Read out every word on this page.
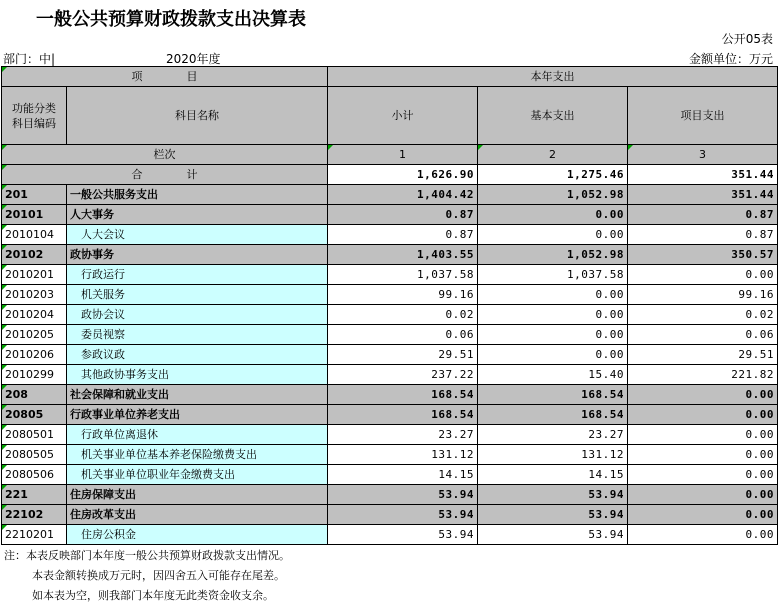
一般公共预算财政拨款支出决算表
公开05表
部门：中|	2020年度	金额单位：万元
项　　　　目		本年支出		
功能分类
科目编码	科目名称	小计	基本支出	项目支出
栏次		1	2	3
合　　　　计		1,626.90	1,275.46	351.44
201	一般公共服务支出	1,404.42	1,052.98	351.44
20101	人大事务	0.87	0.00	0.87
2010104	人大会议	0.87	0.00	0.87
20102	政协事务	1,403.55	1,052.98	350.57
2010201	行政运行	1,037.58	1,037.58	0.00
2010203	机关服务	99.16	0.00	99.16
2010204	政协会议	0.02	0.00	0.02
2010205	委员视察	0.06	0.00	0.06
2010206	参政议政	29.51	0.00	29.51
2010299	其他政协事务支出	237.22	15.40	221.82
208	社会保障和就业支出	168.54	168.54	0.00
20805	行政事业单位养老支出	168.54	168.54	0.00
2080501	行政单位离退休	23.27	23.27	0.00
2080505	机关事业单位基本养老保险缴费支出	131.12	131.12	0.00
2080506	机关事业单位职业年金缴费支出	14.15	14.15	0.00
221	住房保障支出	53.94	53.94	0.00
22102	住房改革支出	53.94	53.94	0.00
2210201	住房公积金	53.94	53.94	0.00
注：本表反映部门本年度一般公共预算财政拨款支出情况。
本表金额转换成万元时，因四舍五入可能存在尾差。
如本表为空，则我部门本年度无此类资金收支余。
